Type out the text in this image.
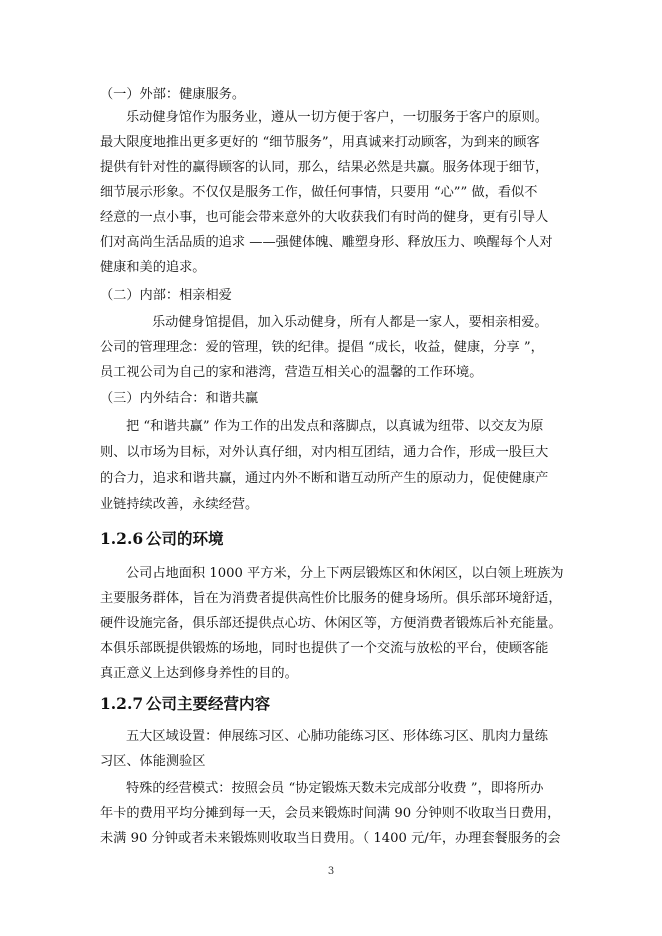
（一）外部：健康服务。
乐动健身馆作为服务业，遵从一切方便于客户，一切服务于客户的原则。
最大限度地推出更多更好的 “细节服务”，用真诚来打动顾客，为到来的顾客
提供有针对性的赢得顾客的认同，那么，结果必然是共赢。服务体现于细节，
细节展示形象。不仅仅是服务工作，做任何事情，只要用 “心”” 做，看似不
经意的一点小事，也可能会带来意外的大收获我们有时尚的健身，更有引导人
们对高尚生活品质的追求 ——强健体魄、雕塑身形、释放压力、唤醒每个人对
健康和美的追求。
（二）内部：相亲相爱
乐动健身馆提倡，加入乐动健身，所有人都是一家人，要相亲相爱。
公司的管理理念：爱的管理，铁的纪律。提倡 “成长，收益，健康，分享 ”，
员工视公司为自己的家和港湾，营造互相关心的温馨的工作环境。
（三）内外结合：和谐共赢
把 “和谐共赢” 作为工作的出发点和落脚点，以真诚为纽带、以交友为原
则、以市场为目标，对外认真仔细，对内相互团结，通力合作，形成一股巨大
的合力，追求和谐共赢，通过内外不断和谐互动所产生的原动力，促使健康产
业链持续改善，永续经营。
1.2.6 公司的环境
公司占地面积 1000 平方米，分上下两层锻炼区和休闲区，以白领上班族为
主要服务群体，旨在为消费者提供高性价比服务的健身场所。俱乐部环境舒适，
硬件设施完备，俱乐部还提供点心坊、休闲区等，方便消费者锻炼后补充能量。
本俱乐部既提供锻炼的场地，同时也提供了一个交流与放松的平台，使顾客能
真正意义上达到修身养性的目的。
1.2.7 公司主要经营内容
五大区域设置：伸展练习区、心肺功能练习区、形体练习区、肌肉力量练
习区、体能测验区
特殊的经营模式：按照会员 “协定锻炼天数未完成部分收费 ”，即将所办
年卡的费用平均分摊到每一天，会员来锻炼时间满 90 分钟则不收取当日费用，
未满 90 分钟或者未来锻炼则收取当日费用。（ 1400 元/年，办理套餐服务的会
3
